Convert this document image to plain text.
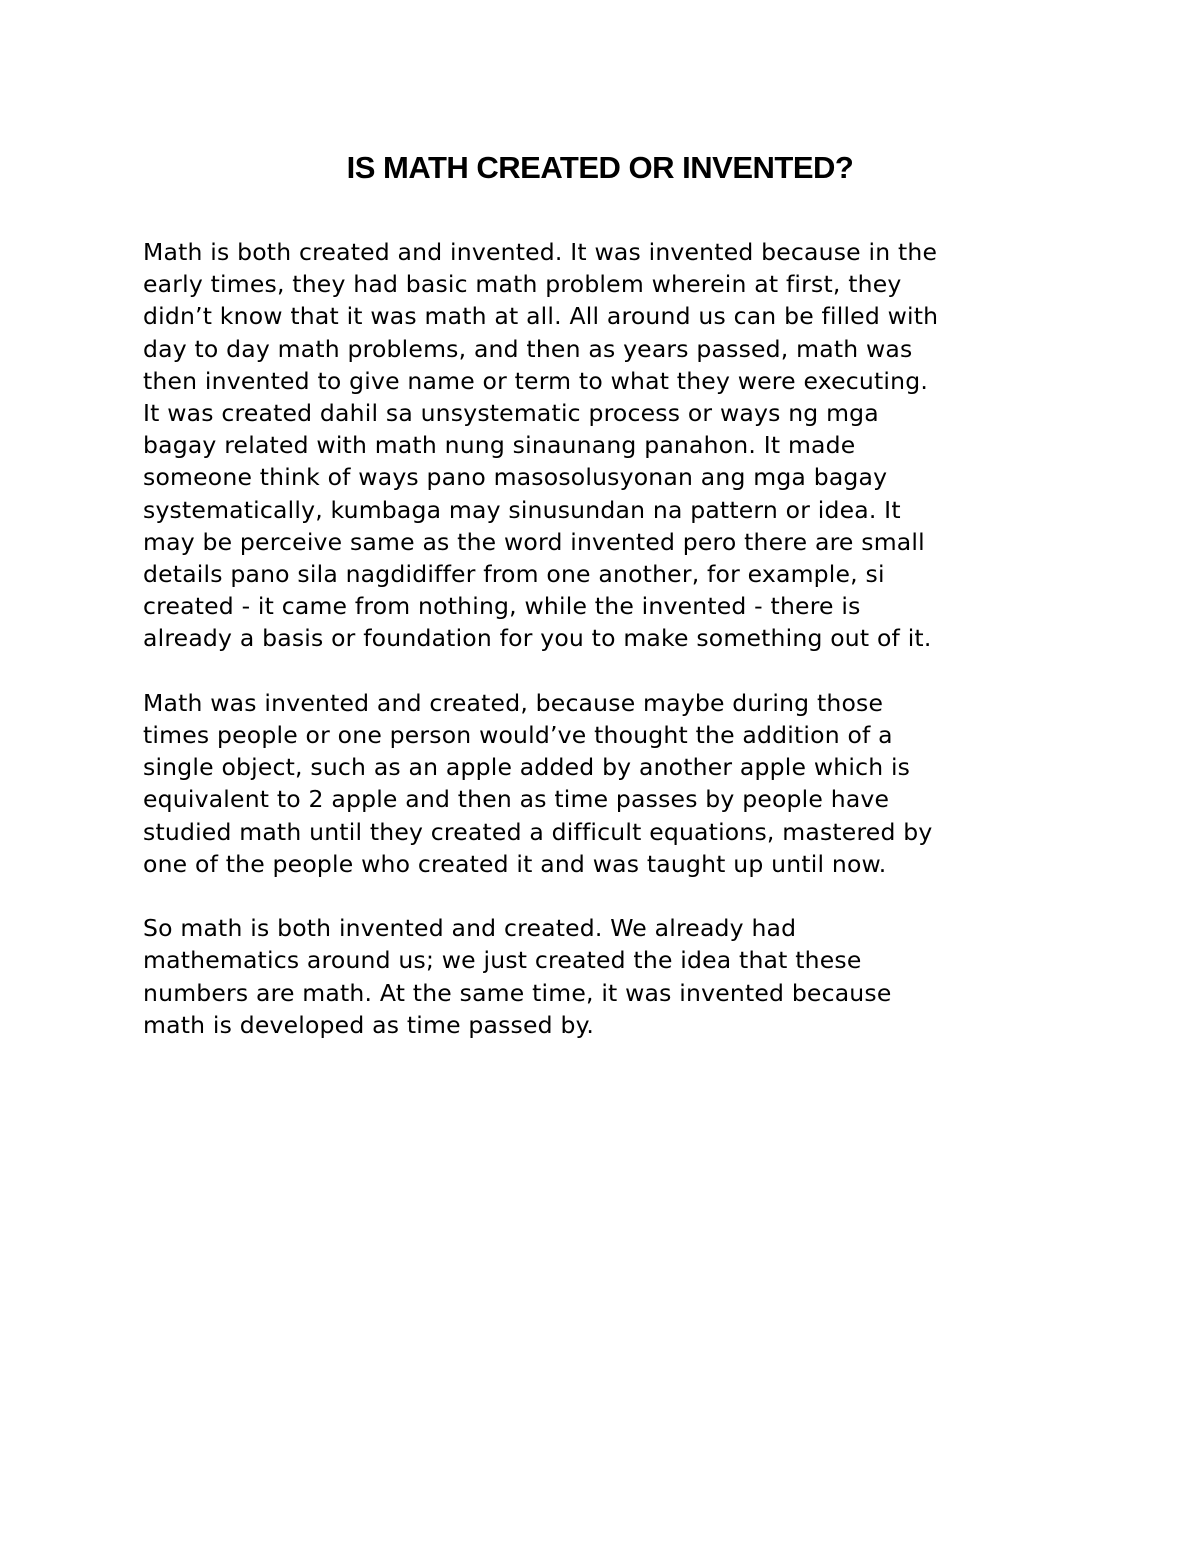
IS MATH CREATED OR INVENTED?

Math is both created and invented. It was invented because in the
early times, they had basic math problem wherein at first, they
didn’t know that it was math at all. All around us can be filled with
day to day math problems, and then as years passed, math was
then invented to give name or term to what they were executing.
It was created dahil sa unsystematic process or ways ng mga
bagay related with math nung sinaunang panahon. It made
someone think of ways pano masosolusyonan ang mga bagay
systematically, kumbaga may sinusundan na pattern or idea. It
may be perceive same as the word invented pero there are small
details pano sila nagdidiffer from one another, for example, si
created - it came from nothing, while the invented - there is
already a basis or foundation for you to make something out of it.

Math was invented and created, because maybe during those
times people or one person would’ve thought the addition of a
single object, such as an apple added by another apple which is
equivalent to 2 apple and then as time passes by people have
studied math until they created a difficult equations, mastered by
one of the people who created it and was taught up until now.

So math is both invented and created. We already had
mathematics around us; we just created the idea that these
numbers are math. At the same time, it was invented because
math is developed as time passed by.
